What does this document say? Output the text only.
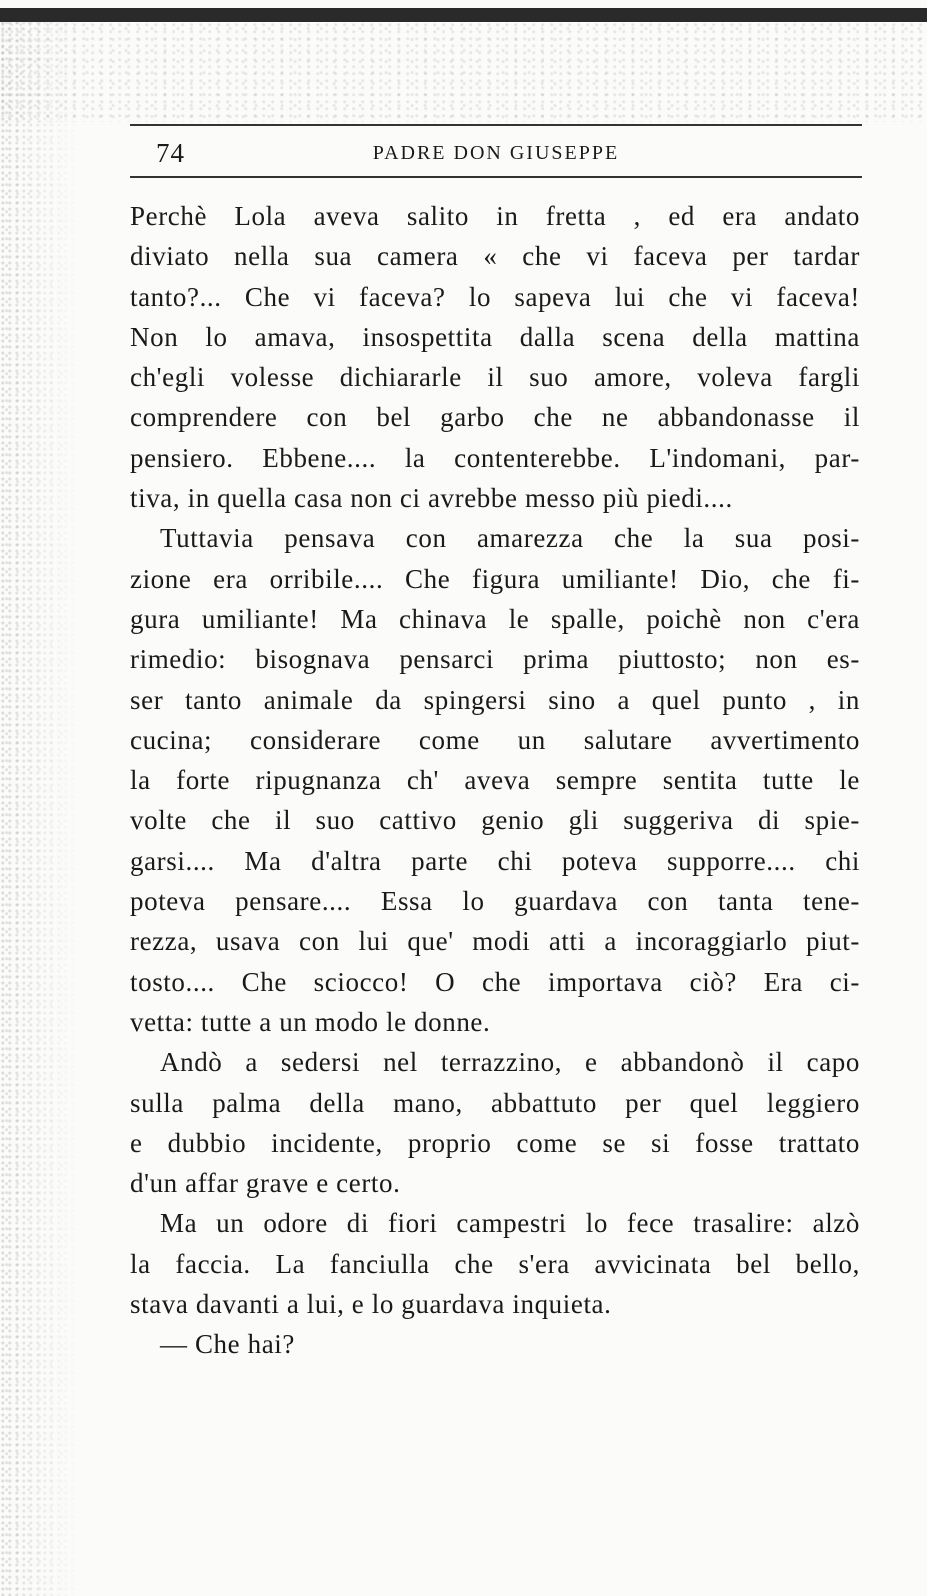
74	PADRE DON GIUSEPPE
Perchè Lola aveva salito in fretta , ed era andato
diviato nella sua camera « che vi faceva per tardar
tanto?... Che vi faceva? lo sapeva lui che vi faceva!
Non lo amava, insospettita dalla scena della mattina
ch'egli volesse dichiararle il suo amore, voleva fargli
comprendere con bel garbo che ne abbandonasse il
pensiero. Ebbene.... la contenterebbe. L'indomani, par-
tiva, in quella casa non ci avrebbe messo più piedi....
Tuttavia pensava con amarezza che la sua posi-
zione era orribile.... Che figura umiliante! Dio, che fi-
gura umiliante! Ma chinava le spalle, poichè non c'era
rimedio: bisognava pensarci prima piuttosto; non es-
ser tanto animale da spingersi sino a quel punto , in
cucina; considerare come un salutare avvertimento
la forte ripugnanza ch' aveva sempre sentita tutte le
volte che il suo cattivo genio gli suggeriva di spie-
garsi.... Ma d'altra parte chi poteva supporre.... chi
poteva pensare.... Essa lo guardava con tanta tene-
rezza, usava con lui que' modi atti a incoraggiarlo piut-
tosto.... Che sciocco! O che importava ciò? Era ci-
vetta: tutte a un modo le donne.
Andò a sedersi nel terrazzino, e abbandonò il capo
sulla palma della mano, abbattuto per quel leggiero
e dubbio incidente, proprio come se si fosse trattato
d'un affar grave e certo.
Ma un odore di fiori campestri lo fece trasalire: alzò
la faccia. La fanciulla che s'era avvicinata bel bello,
stava davanti a lui, e lo guardava inquieta.
— Che hai?
